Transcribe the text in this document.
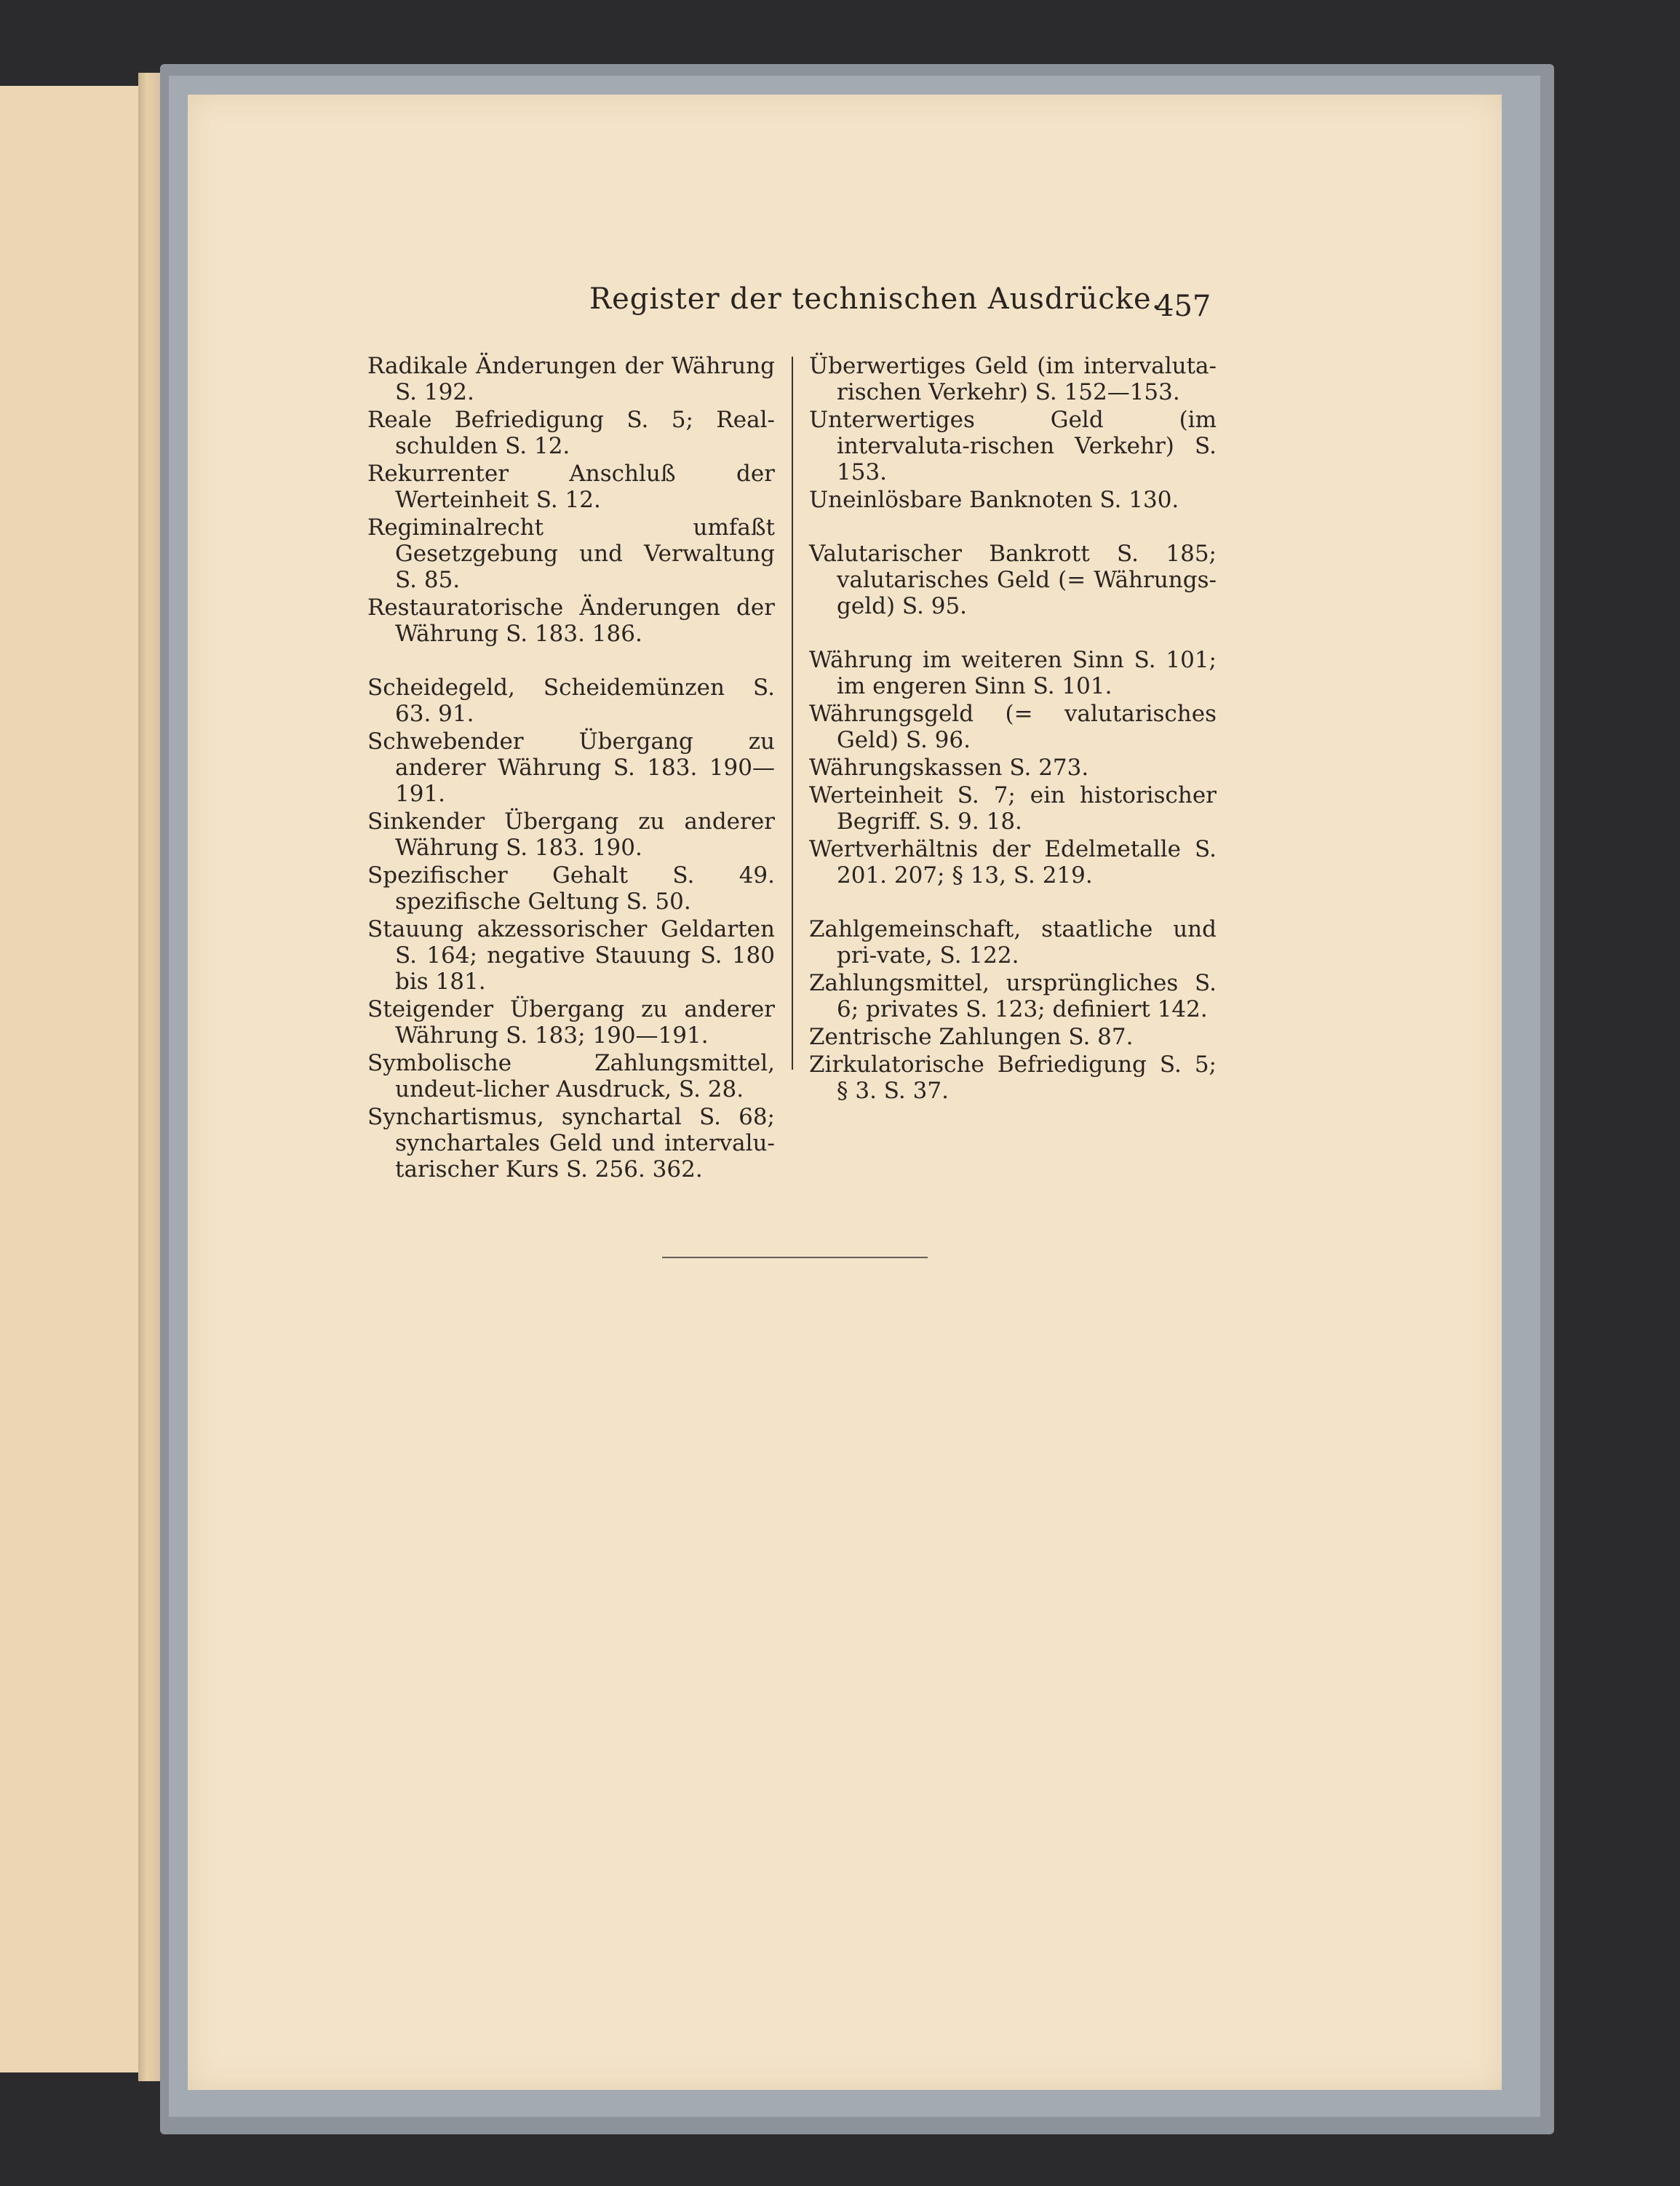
Register der technischen Ausdrücke.
457
Radikale Änderungen der Währung S. 192.
Reale Befriedigung S. 5; Real-schulden S. 12.
Rekurrenter Anschluß der Werteinheit S. 12.
Regiminalrecht umfaßt Gesetzgebung und Verwaltung S. 85.
Restauratorische Änderungen der Währung S. 183. 186.
Scheidegeld, Scheidemünzen S. 63. 91.
Schwebender Übergang zu anderer Währung S. 183. 190—191.
Sinkender Übergang zu anderer Währung S. 183. 190.
Spezifischer Gehalt S. 49. spezifische Geltung S. 50.
Stauung akzessorischer Geldarten S. 164; negative Stauung S. 180 bis 181.
Steigender Übergang zu anderer Währung S. 183; 190—191.
Symbolische Zahlungsmittel, undeut-licher Ausdruck, S. 28.
Synchartismus, synchartal S. 68; synchartales Geld und intervalu-tarischer Kurs S. 256. 362.
Überwertiges Geld (im intervaluta-rischen Verkehr) S. 152—153.
Unterwertiges Geld (im intervaluta-rischen Verkehr) S. 153.
Uneinlösbare Banknoten S. 130.
Valutarischer Bankrott S. 185; valutarisches Geld (= Währungs-geld) S. 95.
Währung im weiteren Sinn S. 101; im engeren Sinn S. 101.
Währungsgeld (= valutarisches Geld) S. 96.
Währungskassen S. 273.
Werteinheit S. 7; ein historischer Begriff. S. 9. 18.
Wertverhältnis der Edelmetalle S. 201. 207; § 13, S. 219.
Zahlgemeinschaft, staatliche und pri-vate, S. 122.
Zahlungsmittel, ursprüngliches S. 6; privates S. 123; definiert 142.
Zentrische Zahlungen S. 87.
Zirkulatorische Befriedigung S. 5; § 3. S. 37.
